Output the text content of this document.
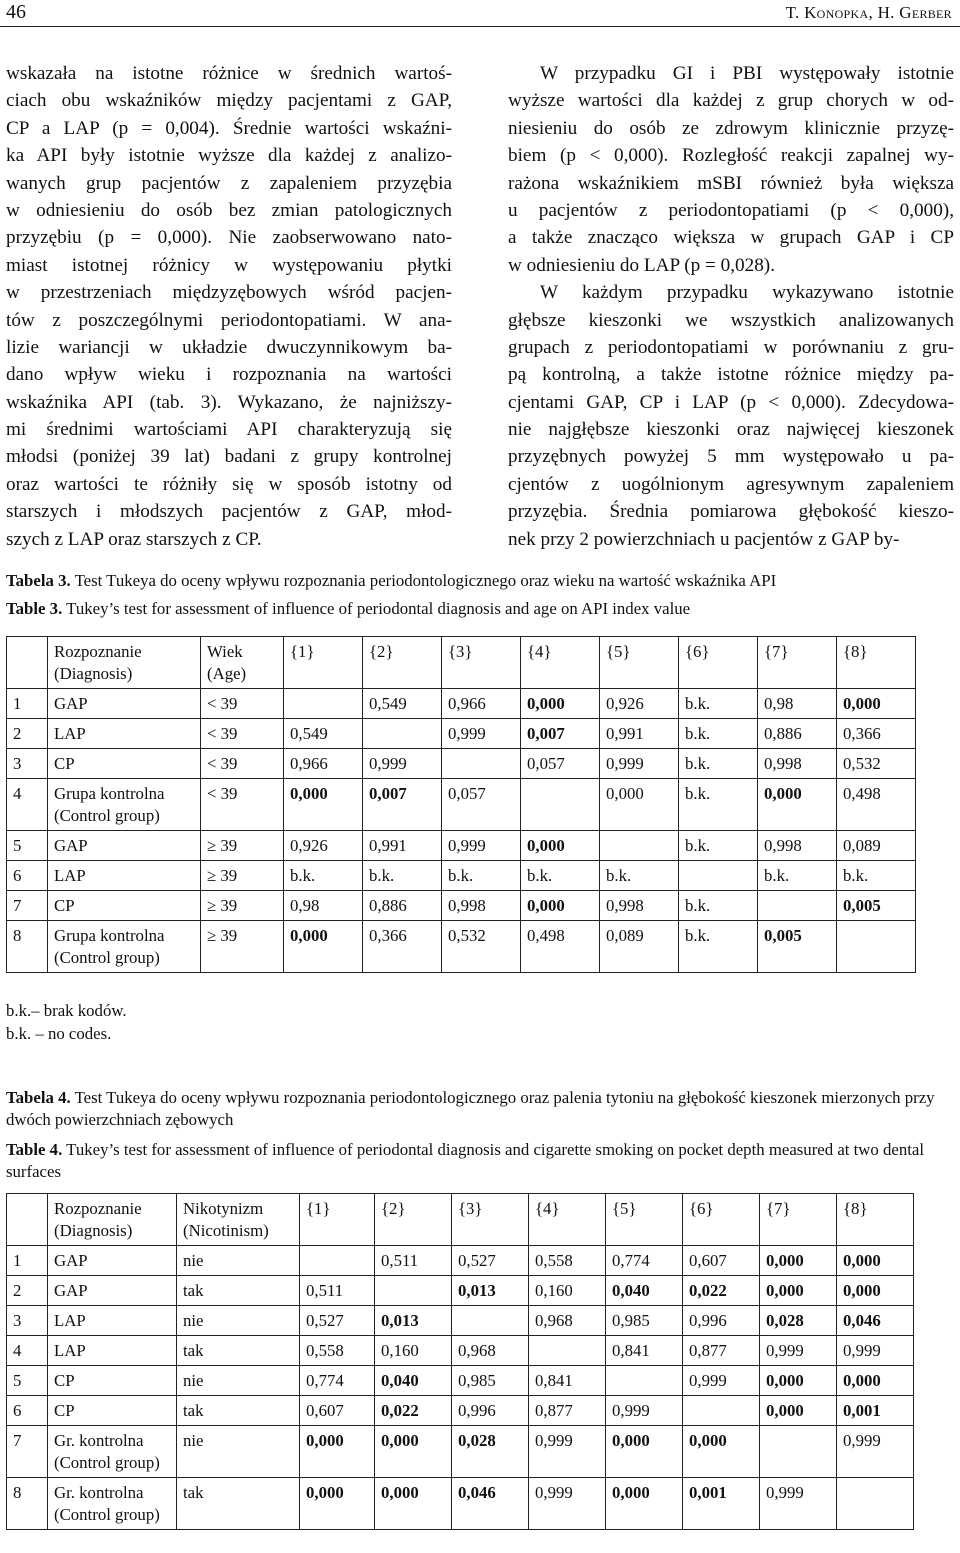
46	T. Konopka, H. Gerber
wskazała na istotne różnice w średnich wartoś-
ciach obu wskaźników między pacjentami z GAP,
CP a LAP (p = 0,004). Średnie wartości wskaźni-
ka API były istotnie wyższe dla każdej z analizo-
wanych grup pacjentów z zapaleniem przyzębia
w odniesieniu do osób bez zmian patologicznych
przyzębiu (p = 0,000). Nie zaobserwowano nato-
miast istotnej różnicy w występowaniu płytki
w przestrzeniach międzyzębowych wśród pacjen-
tów z poszczególnymi periodontopatiami. W ana-
lizie wariancji w układzie dwuczynnikowym ba-
dano wpływ wieku i rozpoznania na wartości
wskaźnika API (tab. 3). Wykazano, że najniższy-
mi średnimi wartościami API charakteryzują się
młodsi (poniżej 39 lat) badani z grupy kontrolnej
oraz wartości te różniły się w sposób istotny od
starszych i młodszych pacjentów z GAP, młod-
szych z LAP oraz starszych z CP.
W przypadku GI i PBI występowały istotnie
wyższe wartości dla każdej z grup chorych w od-
niesieniu do osób ze zdrowym klinicznie przyzę-
biem (p < 0,000). Rozległość reakcji zapalnej wy-
rażona wskaźnikiem mSBI również była większa
u pacjentów z periodontopatiami (p < 0,000),
a także znacząco większa w grupach GAP i CP
w odniesieniu do LAP (p = 0,028).
W każdym przypadku wykazywano istotnie
głębsze kieszonki we wszystkich analizowanych
grupach z periodontopatiami w porównaniu z gru-
pą kontrolną, a także istotne różnice między pa-
cjentami GAP, CP i LAP (p < 0,000). Zdecydowa-
nie najgłębsze kieszonki oraz najwięcej kieszonek
przyzębnych powyżej 5 mm występowało u pa-
cjentów z uogólnionym agresywnym zapaleniem
przyzębia. Średnia pomiarowa głębokość kieszo-
nek przy 2 powierzchniach u pacjentów z GAP by-
Tabela 3. Test Tukeya do oceny wpływu rozpoznania periodontologicznego oraz wieku na wartość wskaźnika API
Table 3. Tukey’s test for assessment of influence of periodontal diagnosis and age on API index value
	Rozpoznanie
(Diagnosis)	Wiek
(Age)	{1}	{2}	{3}	{4}	{5}	{6}	{7}	{8}
1	GAP	< 39		0,549	0,966	0,000	0,926	b.k.	0,98	0,000
2	LAP	< 39	0,549		0,999	0,007	0,991	b.k.	0,886	0,366
3	CP	< 39	0,966	0,999		0,057	0,999	b.k.	0,998	0,532
4	Grupa kontrolna
(Control group)	< 39	0,000	0,007	0,057		0,000	b.k.	0,000	0,498
5	GAP	≥ 39	0,926	0,991	0,999	0,000		b.k.	0,998	0,089
6	LAP	≥ 39	b.k.	b.k.	b.k.	b.k.	b.k.		b.k.	b.k.
7	CP	≥ 39	0,98	0,886	0,998	0,000	0,998	b.k.		0,005
8	Grupa kontrolna
(Control group)	≥ 39	0,000	0,366	0,532	0,498	0,089	b.k.	0,005	
b.k.– brak kodów.
b.k. – no codes.
Tabela 4. Test Tukeya do oceny wpływu rozpoznania periodontologicznego oraz palenia tytoniu na głębokość kieszonek mierzonych przy dwóch powierzchniach zębowych
Table 4. Tukey’s test for assessment of influence of periodontal diagnosis and cigarette smoking on pocket depth measured at two dental surfaces
	Rozpoznanie
(Diagnosis)	Nikotynizm
(Nicotinism)	{1}	{2}	{3}	{4}	{5}	{6}	{7}	{8}
1	GAP	nie		0,511	0,527	0,558	0,774	0,607	0,000	0,000
2	GAP	tak	0,511		0,013	0,160	0,040	0,022	0,000	0,000
3	LAP	nie	0,527	0,013		0,968	0,985	0,996	0,028	0,046
4	LAP	tak	0,558	0,160	0,968		0,841	0,877	0,999	0,999
5	CP	nie	0,774	0,040	0,985	0,841		0,999	0,000	0,000
6	CP	tak	0,607	0,022	0,996	0,877	0,999		0,000	0,001
7	Gr. kontrolna
(Control group)	nie	0,000	0,000	0,028	0,999	0,000	0,000		0,999
8	Gr. kontrolna
(Control group)	tak	0,000	0,000	0,046	0,999	0,000	0,001	0,999	
